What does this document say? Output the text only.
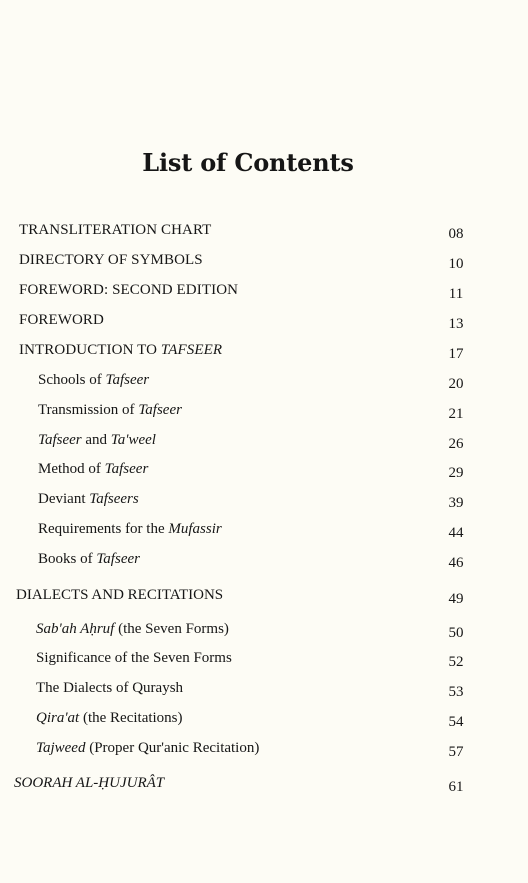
List of Contents
TRANSLITERATION CHART	08
DIRECTORY OF SYMBOLS	10
FOREWORD: SECOND EDITION	11
FOREWORD	13
INTRODUCTION TO TAFSEER	17
Schools of Tafseer	20
Transmission of Tafseer	21
Tafseer and Ta'weel	26
Method of Tafseer	29
Deviant Tafseers	39
Requirements for the Mufassir	44
Books of Tafseer	46
DIALECTS AND RECITATIONS	49
Sab'ah Aḥruf (the Seven Forms)	50
Significance of the Seven Forms	52
The Dialects of Quraysh	53
Qira'at (the Recitations)	54
Tajweed (Proper Qur'anic Recitation)	57
SOORAH AL-ḤUJURÂT	61
